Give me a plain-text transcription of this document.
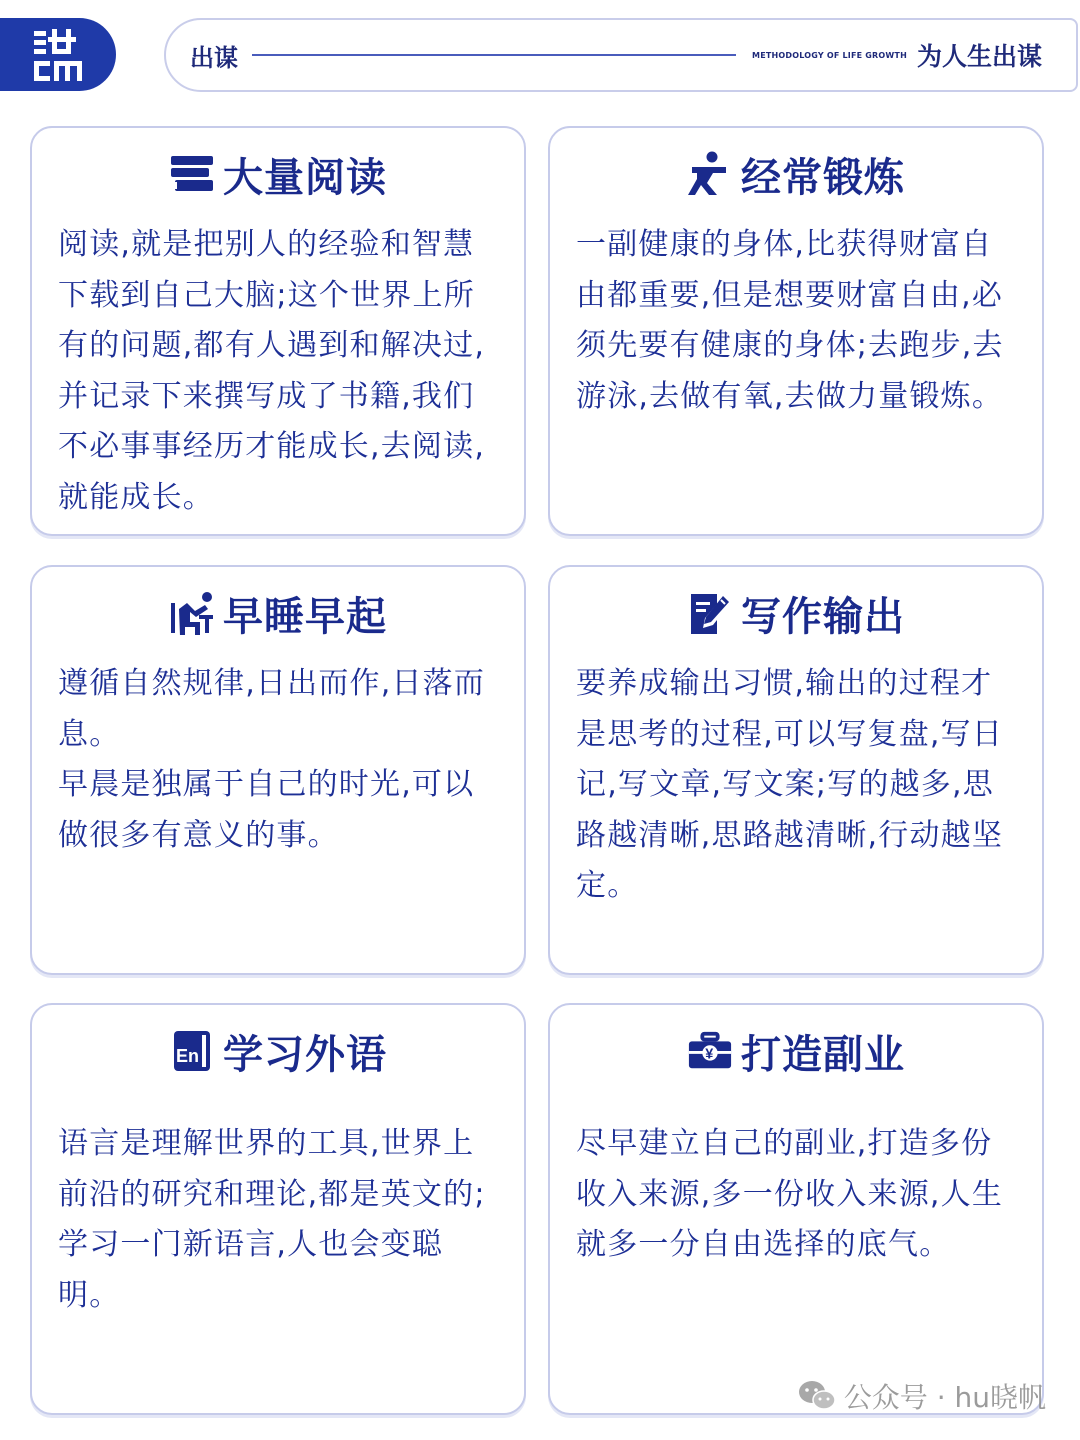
出谋	METHODOLOGY OF LIFE GROWTH 为人生出谋
大量阅读

阅读,就是把别人的经验和智慧下载到自己大脑;这个世界上所有的问题,都有人遇到和解决过,并记录下来撰写成了书籍,我们不必事事经历才能成长,去阅读,就能成长。

经常锻炼

一副健康的身体,比获得财富自由都重要,但是想要财富自由,必须先要有健康的身体;去跑步,去游泳,去做有氧,去做力量锻炼。

早睡早起

遵循自然规律,日出而作,日落而息。

早晨是独属于自己的时光,可以做很多有意义的事。

写作输出

要养成输出习惯,输出的过程才是思考的过程,可以写复盘,写日记,写文章,写文案;写的越多,思路越清晰,思路越清晰,行动越坚定。

En 学习外语

语言是理解世界的工具,世界上前沿的研究和理论,都是英文的;学习一门新语言,人也会变聪明。

¥ 打造副业

尽早建立自己的副业,打造多份收入来源,多一份收入来源,人生就多一分自由选择的底气。

公众号 · hu晓帆
